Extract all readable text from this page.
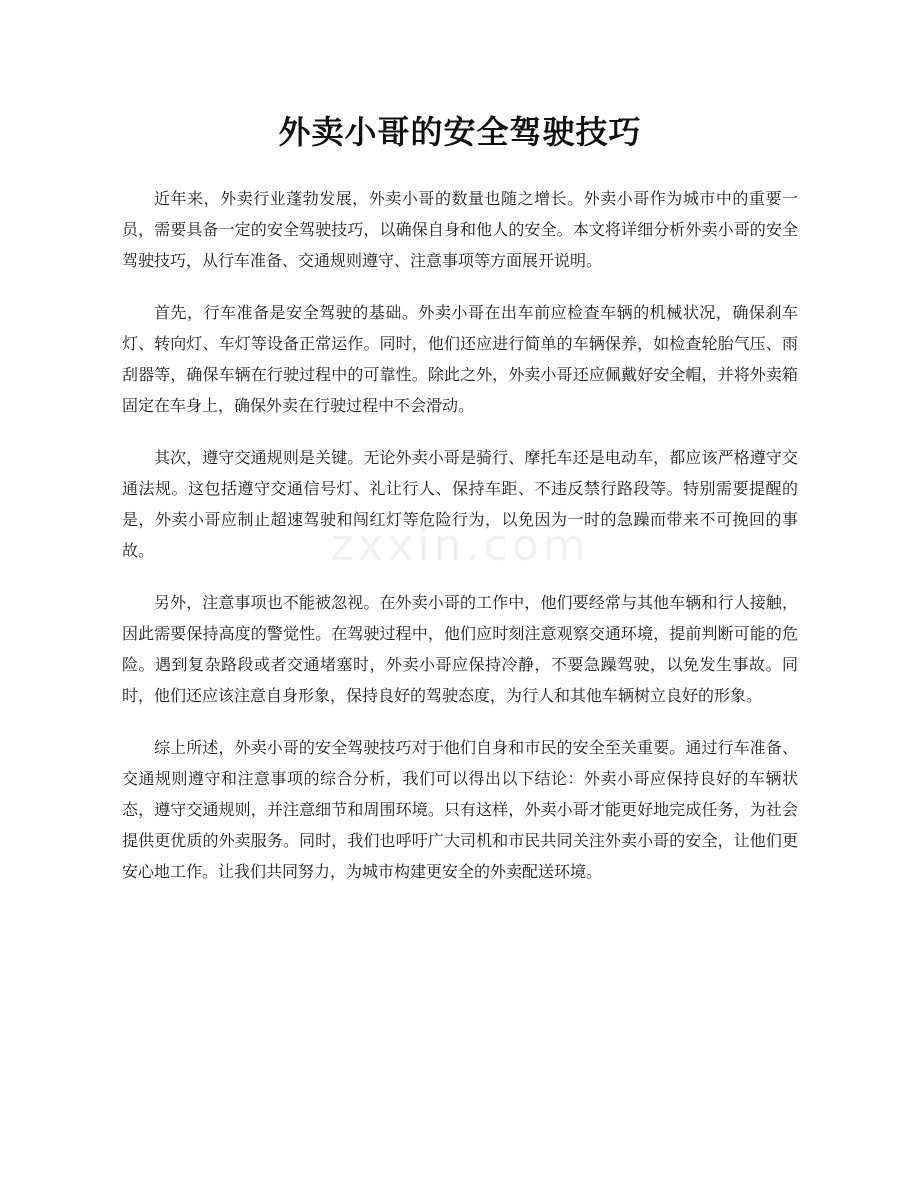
外卖小哥的安全驾驶技巧
zxxin.com

近年来，外卖行业蓬勃发展，外卖小哥的数量也随之增长。外卖小哥作为城市中的重要一员，需要具备一定的安全驾驶技巧，以确保自身和他人的安全。本文将详细分析外卖小哥的安全驾驶技巧，从行车准备、交通规则遵守、注意事项等方面展开说明。

首先，行车准备是安全驾驶的基础。外卖小哥在出车前应检查车辆的机械状况，确保刹车灯、转向灯、车灯等设备正常运作。同时，他们还应进行简单的车辆保养，如检查轮胎气压、雨刮器等，确保车辆在行驶过程中的可靠性。除此之外，外卖小哥还应佩戴好安全帽，并将外卖箱固定在车身上，确保外卖在行驶过程中不会滑动。

其次，遵守交通规则是关键。无论外卖小哥是骑行、摩托车还是电动车，都应该严格遵守交通法规。这包括遵守交通信号灯、礼让行人、保持车距、不违反禁行路段等。特别需要提醒的是，外卖小哥应制止超速驾驶和闯红灯等危险行为，以免因为一时的急躁而带来不可挽回的事故。

另外，注意事项也不能被忽视。在外卖小哥的工作中，他们要经常与其他车辆和行人接触，因此需要保持高度的警觉性。在驾驶过程中，他们应时刻注意观察交通环境，提前判断可能的危险。遇到复杂路段或者交通堵塞时，外卖小哥应保持冷静，不要急躁驾驶，以免发生事故。同时，他们还应该注意自身形象，保持良好的驾驶态度，为行人和其他车辆树立良好的形象。

综上所述，外卖小哥的安全驾驶技巧对于他们自身和市民的安全至关重要。通过行车准备、交通规则遵守和注意事项的综合分析，我们可以得出以下结论：外卖小哥应保持良好的车辆状态，遵守交通规则，并注意细节和周围环境。只有这样，外卖小哥才能更好地完成任务，为社会提供更优质的外卖服务。同时，我们也呼吁广大司机和市民共同关注外卖小哥的安全，让他们更安心地工作。让我们共同努力，为城市构建更安全的外卖配送环境。
